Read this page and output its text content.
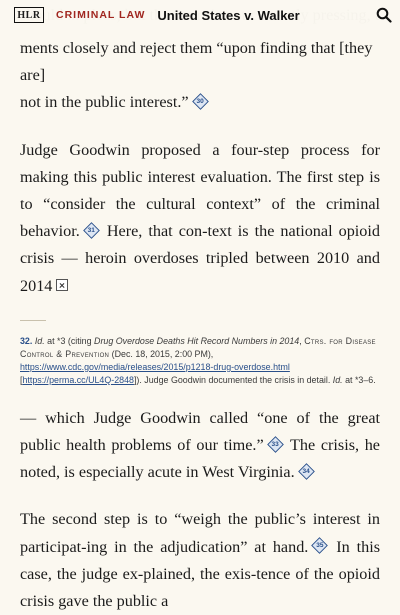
HLR	CRIMINAL LAW United States v. Walker

ments closely and reject them “upon finding that [they are]
not in the public interest.”	30

Judge Goodwin proposed a four-step process for making this public interest evaluation. The first step is to “consider the cultural context” of the criminal behavior.	31 Here, that con-text is the national opioid crisis — heroin overdoses tripled between 2010 and 2014

32. Id. at *3 (citing Drug Overdose Deaths Hit Record Numbers in 2014, Ctrs. for Disease Control & Prevention (Dec. 18, 2015, 2:00 PM), https://www.cdc.gov/media/releases/2015/p1218-drug-overdose.html [https://perma.cc/UL4Q-2848]). Judge Goodwin documented the crisis in detail. Id. at *3–6.

— which Judge Goodwin called “one of the great public health problems of our time.”	33 The crisis, he noted, is especially acute in West Virginia.	34

The second step is to “weigh the public’s interest in participat-ing in the adjudication” at hand.	35 In this case, the judge ex-plained, the exis-tence of the opioid crisis gave the public a
